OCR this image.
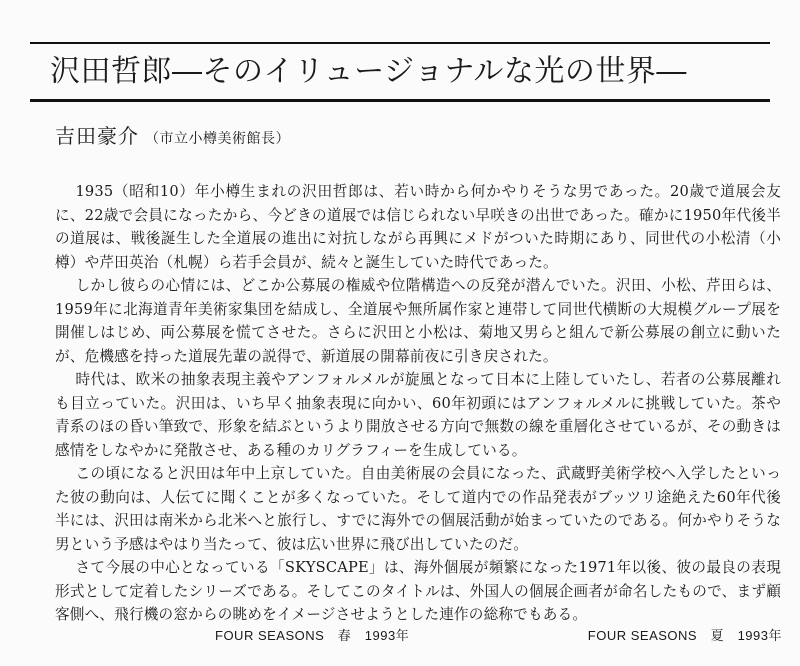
沢田哲郎―そのイリュージョナルな光の世界―
吉田豪介 （市立小樽美術館長）

1935（昭和10）年小樽生まれの沢田哲郎は、若い時から何かやりそうな男であった。20歳で道展会友に、22歳で会員になったから、今どきの道展では信じられない早咲きの出世であった。確かに1950年代後半の道展は、戦後誕生した全道展の進出に対抗しながら再興にメドがついた時期にあり、同世代の小松清（小樽）や芹田英治（札幌）ら若手会員が、続々と誕生していた時代であった。

しかし彼らの心情には、どこか公募展の権威や位階構造への反発が潜んでいた。沢田、小松、芹田らは、1959年に北海道青年美術家集団を結成し、全道展や無所属作家と連帯して同世代横断の大規模グループ展を開催しはじめ、両公募展を慌てさせた。さらに沢田と小松は、菊地又男らと組んで新公募展の創立に動いたが、危機感を持った道展先輩の説得で、新道展の開幕前夜に引き戻された。

時代は、欧米の抽象表現主義やアンフォルメルが旋風となって日本に上陸していたし、若者の公募展離れも目立っていた。沢田は、いち早く抽象表現に向かい、60年初頭にはアンフォルメルに挑戦していた。茶や青系のほの昏い筆致で、形象を結ぶというより開放させる方向で無数の線を重層化させているが、その動きは感情をしなやかに発散させ、ある種のカリグラフィーを生成している。

この頃になると沢田は年中上京していた。自由美術展の会員になった、武蔵野美術学校へ入学したといった彼の動向は、人伝てに聞くことが多くなっていた。そして道内での作品発表がブッツリ途絶えた60年代後半には、沢田は南米から北米へと旅行し、すでに海外での個展活動が始まっていたのである。何かやりそうな男という予感はやはり当たって、彼は広い世界に飛び出していたのだ。

さて今展の中心となっている「SKYSCAPE」は、海外個展が頻繁になった1971年以後、彼の最良の表現形式として定着したシリーズである。そしてこのタイトルは、外国人の個展企画者が命名したもので、まず顧客側へ、飛行機の窓からの眺めをイメージさせようとした連作の総称でもある。

FOUR SEASONS　春　1993年	FOUR SEASONS　夏　1993年
